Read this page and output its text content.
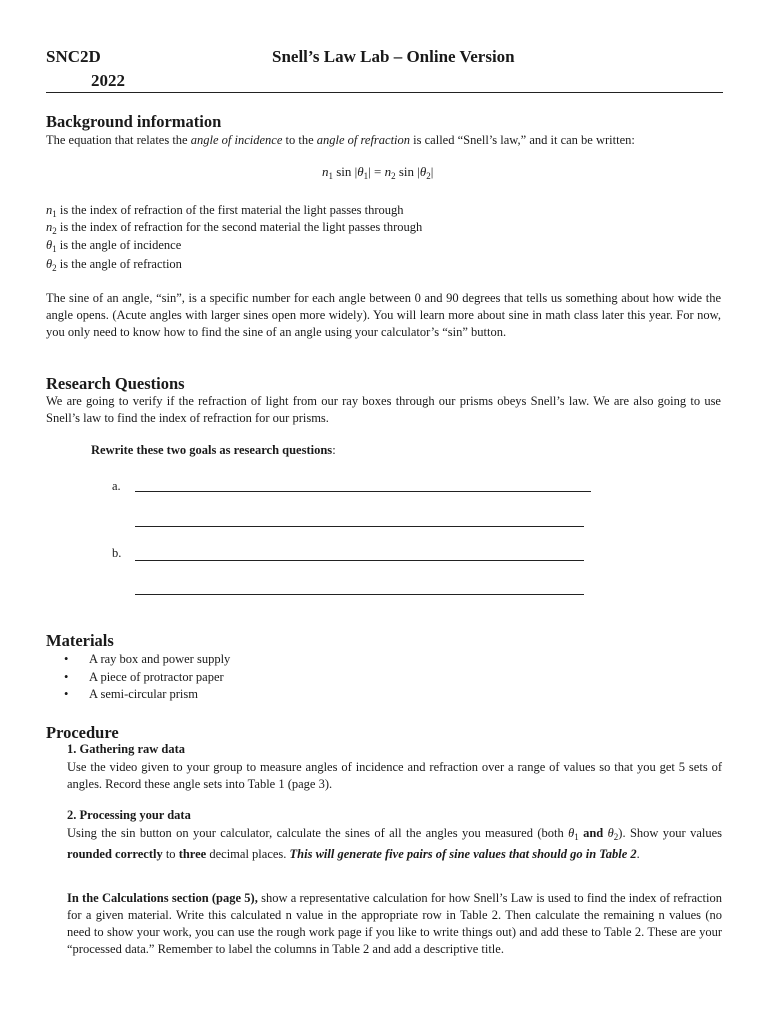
SNC2D	Snell’s Law Lab – Online Version
2022
Background information
The equation that relates the angle of incidence to the angle of refraction is called “Snell’s law,” and it can be written:
$n_1$ $\sin |\theta_1| = n_2$ $\sin |\theta_2|$
$n_1$ is the index of refraction of the first material the light passes through
$n_2$ is the index of refraction for the second material the light passes through
$\theta_1$ is the angle of incidence
$\theta_2$ is the angle of refraction
The sine of an angle, “sin”, is a specific number for each angle between 0 and 90 degrees that tells us something about how wide the angle opens. (Acute angles with larger sines open more widely). You will learn more about sine in math class later this year. For now, you only need to know how to find the sine of an angle using your calculator’s “sin” button.
Research Questions
We are going to verify if the refraction of light from our ray boxes through our prisms obeys Snell’s law. We are also going to use Snell’s law to find the index of refraction for our prisms.
Rewrite these two goals as research questions:
a.
b.
Materials
• A ray box and power supply
• A piece of protractor paper
• A semi-circular prism
Procedure
1. Gathering raw data
Use the video given to your group to measure angles of incidence and refraction over a range of values so that you get 5 sets of angles. Record these angle sets into Table 1 (page 3).
2. Processing your data
Using the sin button on your calculator, calculate the sines of all the angles you measured (both $\theta_1$ and $\theta_2$). Show your values rounded correctly to three decimal places. This will generate five pairs of sine values that should go in Table 2.
In the Calculations section (page 5), show a representative calculation for how Snell’s Law is used to find the index of refraction for a given material. Write this calculated n value in the appropriate row in Table 2. Then calculate the remaining n values (no need to show your work, you can use the rough work page if you like to write things out) and add these to Table 2. These are your “processed data.” Remember to label the columns in Table 2 and add a descriptive title.
